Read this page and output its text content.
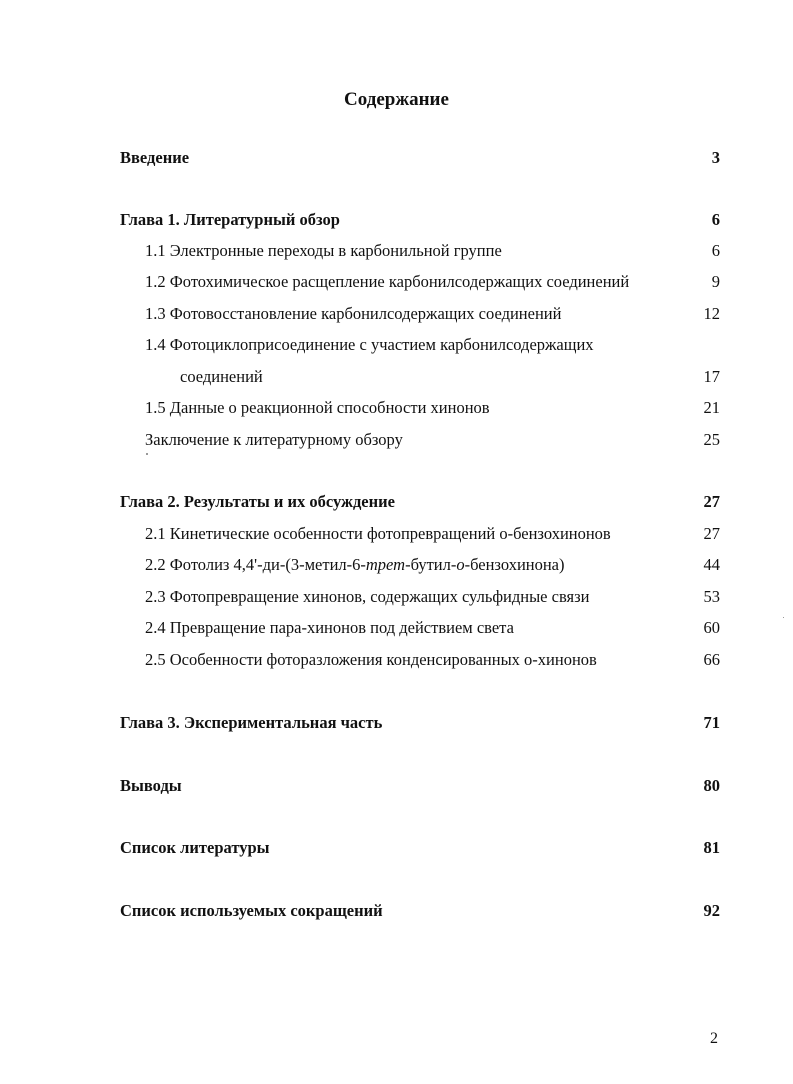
Содержание
Введение	3
Глава 1. Литературный обзор	6
1.1 Электронные переходы в карбонильной группе	6
1.2 Фотохимическое расщепление карбонилсодержащих соединений	9
1.3 Фотовосстановление карбонилсодержащих соединений	12
1.4 Фотоциклоприсоединение с участием карбонилсодержащих
соединений	17
1.5 Данные о реакционной способности хинонов	21
Заключение к литературному обзору	25
Глава 2. Результаты и их обсуждение	27
2.1 Кинетические особенности фотопревращений о-бензохинонов	27
2.2 Фотолиз 4,4'-ди-(3-метил-6-трет-бутил-о-бензохинона)	44
2.3 Фотопревращение хинонов, содержащих сульфидные связи	53
2.4 Превращение пара-хинонов под действием света	60
2.5 Особенности фоторазложения конденсированных о-хинонов	66
Глава 3. Экспериментальная часть	71
Выводы	80
Список литературы	81
Список используемых сокращений	92
2
